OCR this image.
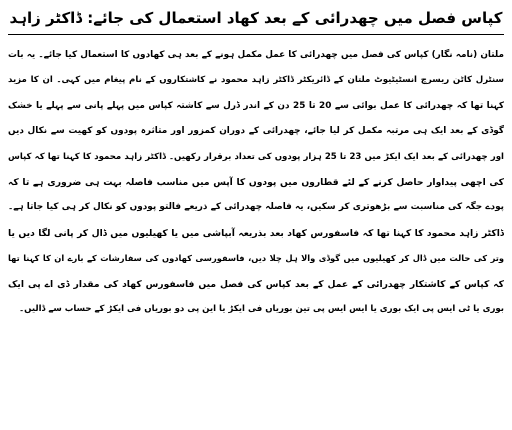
کپاس فصل میں چھدرائی کے بعد کھاد استعمال کی جائے: ڈاکٹر زاہد
ملتان (نامہ نگار) کپاس کی فصل میں چھدرائی کا عمل مکمل ہونے کے بعد ہی کھادوں کا استعمال کیا جائے۔ یہ بات
سنٹرل کاٹن ریسرچ انسٹیٹیوٹ ملتان کے ڈائریکٹر ڈاکٹر زاہد محمود نے کاشتکاروں کے نام پیغام میں کہی۔ ان کا مزید
کہنا تھا کہ چھدرائی کا عمل بوائی سے 20 تا 25 دن کے اندر ڈرل سے کاشتہ کپاس میں پہلے پانی سے پہلے یا خشک
گوڈی کے بعد ایک ہی مرتبہ مکمل کر لیا جائے، چھدرائی کے دوران کمزور اور متاثرہ پودوں کو کھیت سے نکال دیں
اور چھدرائی کے بعد ایک ایکڑ میں 23 تا 25 ہزار پودوں کی تعداد برقرار رکھیں۔ ڈاکٹر زاہد محمود کا کہنا تھا کہ کپاس
کی اچھی پیداوار حاصل کرنے کے لئے قطاروں میں پودوں کا آپس میں مناسب فاصلہ بہت ہی ضروری ہے تا کہ
پودے جگہ کی مناسبت سے بڑھوتری کر سکیں، یہ فاصلہ چھدرائی کے ذریعے فالتو پودوں کو نکال کر ہی کیا جاتا ہے۔
ڈاکٹر زاہد محمود کا کہنا تھا کہ فاسفورس کھاد بعد بذریعہ آبپاشی میں یا کھیلیوں میں ڈال کر پانی لگا دیں یا
وتر کی حالت میں ڈال کر کھیلیوں میں گوڈی والا ہل چلا دیں، فاسفورسی کھادوں کی سفارشات کے بارے ان کا کہنا تھا
کہ کپاس کے کاشتکار چھدرائی کے عمل کے بعد کپاس کی فصل میں فاسفورس کھاد کی مقدار ڈی اے پی ایک
بوری یا ٹی ایس پی ایک بوری یا ایس ایس پی تین بوریاں فی ایکڑ یا این پی دو بوریاں فی ایکڑ کے حساب سے ڈالیں۔
